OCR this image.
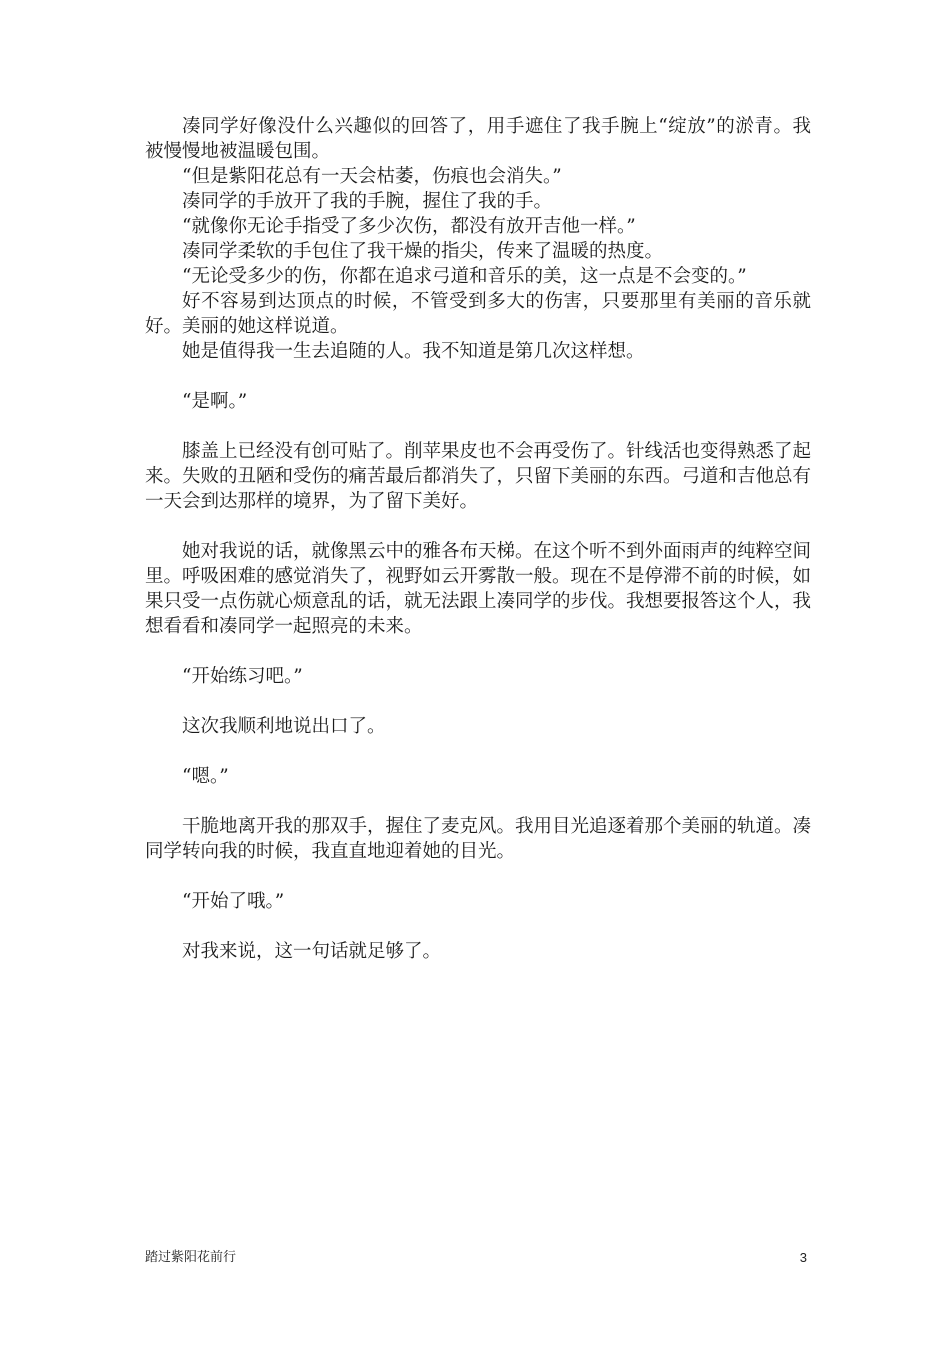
凑同学好像没什么兴趣似的回答了，用手遮住了我手腕上“绽放”的淤青。我被慢慢地被温暖包围。

“但是紫阳花总有一天会枯萎，伤痕也会消失。”

凑同学的手放开了我的手腕，握住了我的手。

“就像你无论手指受了多少次伤，都没有放开吉他一样。”

凑同学柔软的手包住了我干燥的指尖，传来了温暖的热度。

“无论受多少的伤，你都在追求弓道和音乐的美，这一点是不会变的。”

好不容易到达顶点的时候，不管受到多大的伤害，只要那里有美丽的音乐就好。美丽的她这样说道。

她是值得我一生去追随的人。我不知道是第几次这样想。

“是啊。”

膝盖上已经没有创可贴了。削苹果皮也不会再受伤了。针线活也变得熟悉了起来。失败的丑陋和受伤的痛苦最后都消失了，只留下美丽的东西。弓道和吉他总有一天会到达那样的境界，为了留下美好。

她对我说的话，就像黑云中的雅各布天梯。在这个听不到外面雨声的纯粹空间里。呼吸困难的感觉消失了，视野如云开雾散一般。现在不是停滞不前的时候，如果只受一点伤就心烦意乱的话，就无法跟上凑同学的步伐。我想要报答这个人，我想看看和凑同学一起照亮的未来。

“开始练习吧。”

这次我顺利地说出口了。

“嗯。”

干脆地离开我的那双手，握住了麦克风。我用目光追逐着那个美丽的轨道。凑同学转向我的时候，我直直地迎着她的目光。

“开始了哦。”

对我来说，这一句话就足够了。

踏过紫阳花前行	3
